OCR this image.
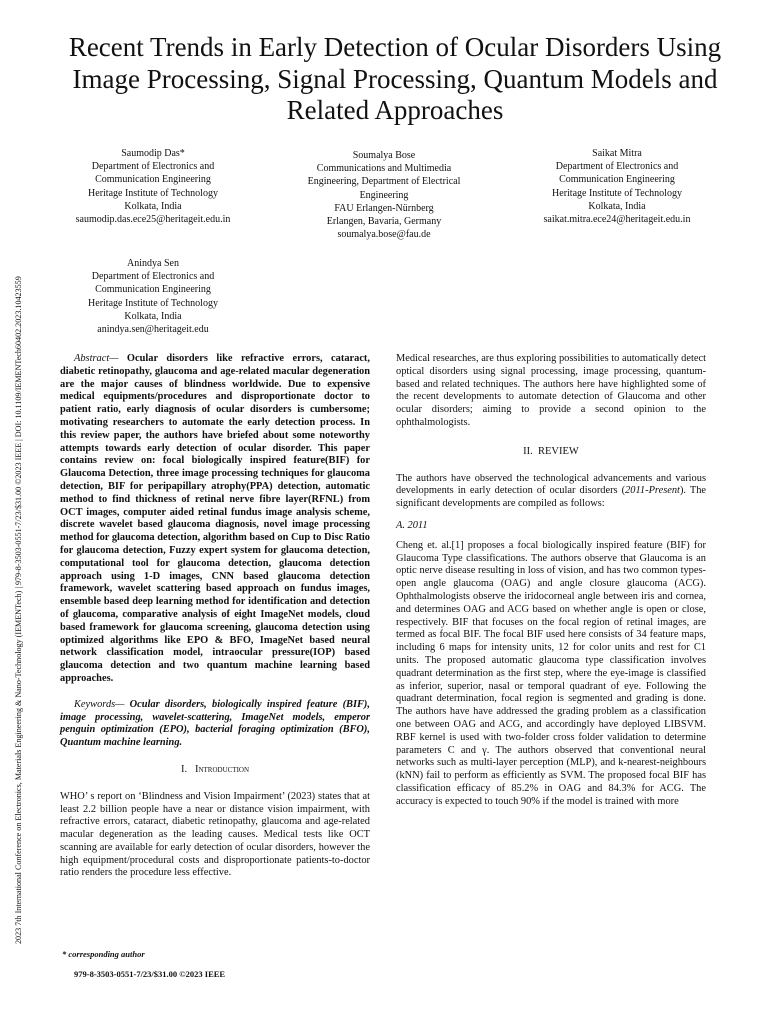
2023 7th International Conference on Electronics, Materials Engineering & Nano-Technology (IEMENTech) | 979-8-3503-0551-7/23/$31.00 ©2023 IEEE | DOI: 10.1109/IEMENTech60402.2023.10423559
Recent Trends in Early Detection of Ocular Disorders Using Image Processing, Signal Processing, Quantum Models and Related Approaches
Saumodip Das*
Department of Electronics and
Communication Engineering
Heritage Institute of Technology
Kolkata, India
saumodip.das.ece25@heritageit.edu.in
Soumalya Bose
Communications and Multimedia
Engineering, Department of Electrical
Engineering
FAU Erlangen-Nürnberg
Erlangen, Bavaria, Germany
soumalya.bose@fau.de
Saikat Mitra
Department of Electronics and
Communication Engineering
Heritage Institute of Technology
Kolkata, India
saikat.mitra.ece24@heritageit.edu.in
Anindya Sen
Department of Electronics and
Communication Engineering
Heritage Institute of Technology
Kolkata, India
anindya.sen@heritageit.edu

Abstract— Ocular disorders like refractive errors, cataract, diabetic retinopathy, glaucoma and age-related macular degeneration are the major causes of blindness worldwide. Due to expensive medical equipments/procedures and disproportionate doctor to patient ratio, early diagnosis of ocular disorders is cumbersome; motivating researchers to automate the early detection process. In this review paper, the authors have briefed about some noteworthy attempts towards early detection of ocular disorder. This paper contains review on: focal biologically inspired feature(BIF) for Glaucoma Detection, three image processing techniques for glaucoma detection, BIF for peripapillary atrophy(PPA) detection, automatic method to find thickness of retinal nerve fibre layer(RFNL) from OCT images, computer aided retinal fundus image analysis scheme, discrete wavelet based glaucoma diagnosis, novel image processing method for glaucoma detection, algorithm based on Cup to Disc Ratio for glaucoma detection, Fuzzy expert system for glaucoma detection, computational tool for glaucoma detection, glaucoma detection approach using 1-D images, CNN based glaucoma detection framework, wavelet scattering based approach on fundus images, ensemble based deep learning method for identification and detection of glaucoma, comparative analysis of eight ImageNet models, cloud based framework for glaucoma screening, glaucoma detection using optimized algorithms like EPO & BFO, ImageNet based neural network classification model, intraocular pressure(IOP) based glaucoma detection and two quantum machine learning based approaches.

Keywords— Ocular disorders, biologically inspired feature (BIF), image processing, wavelet-scattering, ImageNet models, emperor penguin optimization (EPO), bacterial foraging optimization (BFO), Quantum machine learning.

I. Introduction

WHO’ s report on ‘Blindness and Vision Impairment’ (2023) states that at least 2.2 billion people have a near or distance vision impairment, with refractive errors, cataract, diabetic retinopathy, glaucoma and age-related macular degeneration as the leading causes. Medical tests like OCT scanning are available for early detection of ocular disorders, however the high equipment/procedural costs and disproportionate patients-to-doctor ratio renders the procedure less effective.

Medical researches, are thus exploring possibilities to automatically detect optical disorders using signal processing, image processing, quantum-based and related techniques. The authors here have highlighted some of the recent developments to automate detection of Glaucoma and other ocular disorders; aiming to provide a second opinion to the ophthalmologists.

II. REVIEW

The authors have observed the technological advancements and various developments in early detection of ocular disorders (2011-Present). The significant developments are compiled as follows:

A. 2011

Cheng et. al.[1] proposes a focal biologically inspired feature (BIF) for Glaucoma Type classifications. The authors observe that Glaucoma is an optic nerve disease resulting in loss of vision, and has two common types- open angle glaucoma (OAG) and angle closure glaucoma (ACG). Ophthalmologists observe the iridocorneal angle between iris and cornea, and determines OAG and ACG based on whether angle is open or close, respectively. BIF that focuses on the focal region of retinal images, are termed as focal BIF. The focal BIF used here consists of 34 feature maps, including 6 maps for intensity units, 12 for color units and rest for C1 units. The proposed automatic glaucoma type classification involves quadrant determination as the first step, where the eye-image is classified as inferior, superior, nasal or temporal quadrant of eye. Following the quadrant determination, focal region is segmented and grading is done. The authors have have addressed the grading problem as a classification one between OAG and ACG, and accordingly have deployed LIBSVM. RBF kernel is used with two-folder cross folder validation to determine parameters C and γ. The authors observed that conventional neural networks such as multi-layer perception (MLP), and k-nearest-neighbours (kNN) fail to perform as efficiently as SVM. The proposed focal BIF has classification efficacy of 85.2% in OAG and 84.3% for ACG. The accuracy is expected to touch 90% if the model is trained with more

* corresponding author
979-8-3503-0551-7/23/$31.00 ©2023 IEEE
